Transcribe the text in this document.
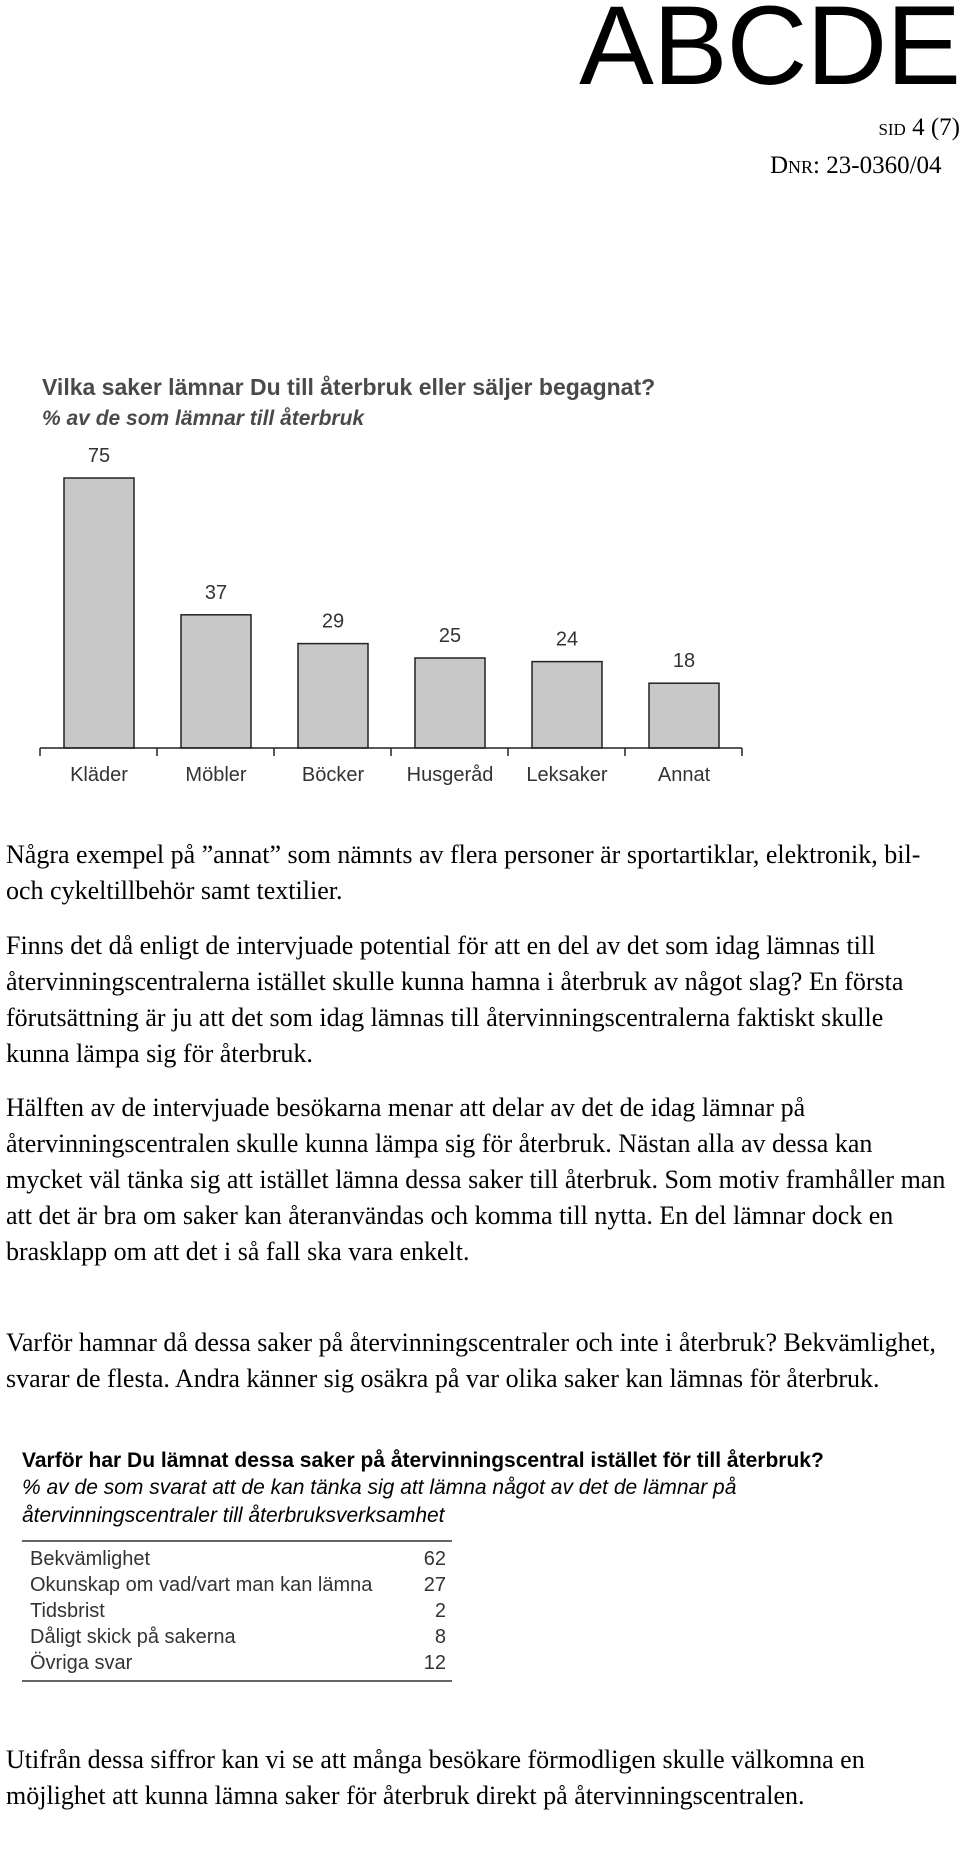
ABCDE
sid 4 (7)
Dnr: 23-0360/04
Vilka saker lämnar Du till återbruk eller säljer begagnat?
% av de som lämnar till återbruk
75
Kläder
37
Möbler
29
Böcker
25
Husgeråd
24
Leksaker
18
Annat

Några exempel på ”annat” som nämnts av flera personer är sportartiklar, elektronik, bil- och cykeltillbehör samt textilier.

Finns det då enligt de intervjuade potential för att en del av det som idag lämnas till återvinningscentralerna istället skulle kunna hamna i återbruk av något slag? En första förutsättning är ju att det som idag lämnas till återvinningscentralerna faktiskt skulle kunna lämpa sig för återbruk.

Hälften av de intervjuade besökarna menar att delar av det de idag lämnar på återvinningscentralen skulle kunna lämpa sig för återbruk. Nästan alla av dessa kan mycket väl tänka sig att istället lämna dessa saker till återbruk. Som motiv framhåller man att det är bra om saker kan återanvändas och komma till nytta. En del lämnar dock en brasklapp om att det i så fall ska vara enkelt.

Varför hamnar då dessa saker på återvinningscentraler och inte i återbruk? Bekvämlighet, svarar de flesta. Andra känner sig osäkra på var olika saker kan lämnas för återbruk.

Varför har Du lämnat dessa saker på återvinningscentral istället för till återbruk?

% av de som svarat att de kan tänka sig att lämna något av det de lämnar på återvinningscentraler till återbruksverksamhet

Bekvämlighet	62
Okunskap om vad/vart man kan lämna	27
Tidsbrist	2
Dåligt skick på sakerna	8
Övriga svar	12

Utifrån dessa siffror kan vi se att många besökare förmodligen skulle välkomna en möjlighet att kunna lämna saker för återbruk direkt på återvinningscentralen.
